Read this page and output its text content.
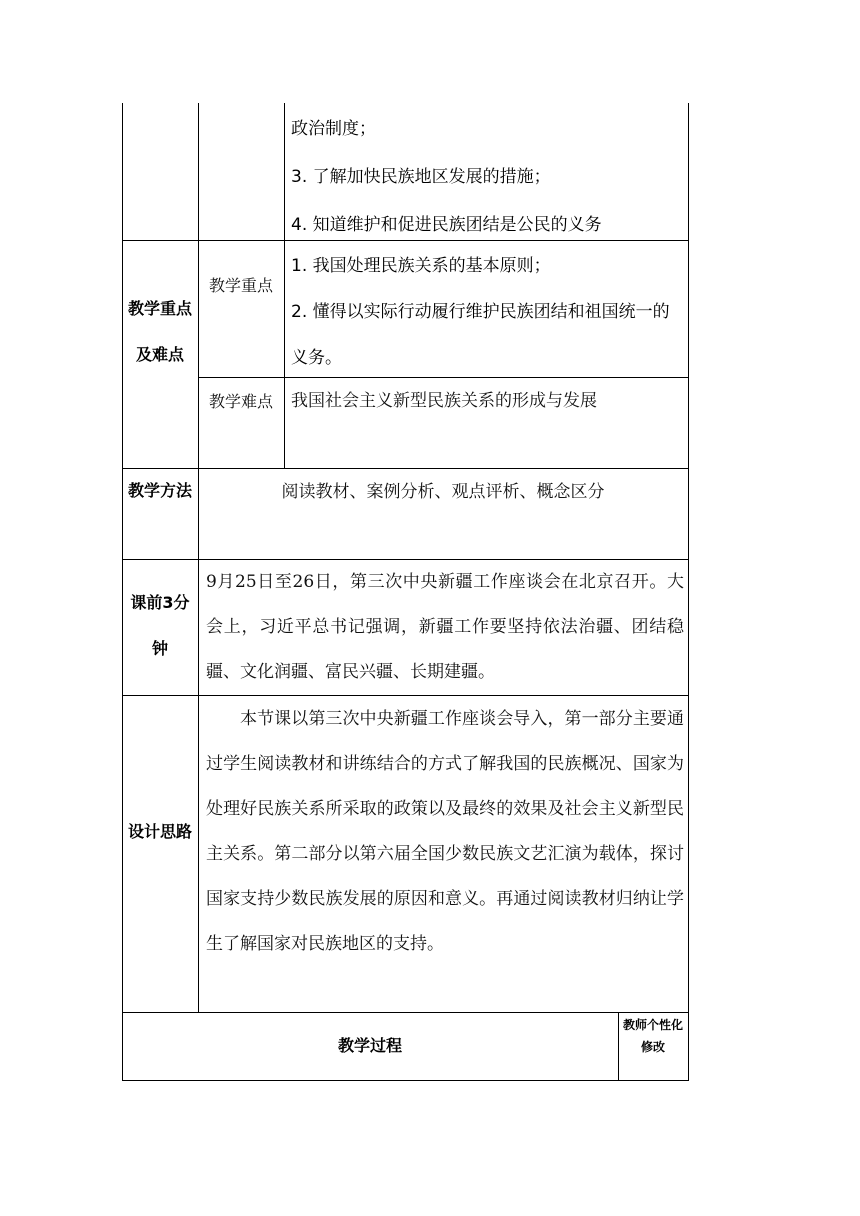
政治制度；

3. 了解加快民族地区发展的措施；

4. 知道维护和促进民族团结是公民的义务

教学重点及难点
教学重点

1. 我国处理民族关系的基本原则；

2. 懂得以实际行动履行维护民族团结和祖国统一的义务。

教学难点 我国社会主义新型民族关系的形成与发展
教学方法	阅读教材、案例分析、观点评析、概念区分
课前3分钟
9月25日至26日，第三次中央新疆工作座谈会在北京召开。大会上，习近平总书记强调，新疆工作要坚持依法治疆、团结稳疆、文化润疆、富民兴疆、长期建疆。
设计思路
本节课以第三次中央新疆工作座谈会导入，第一部分主要通过学生阅读教材和讲练结合的方式了解我国的民族概况、国家为处理好民族关系所采取的政策以及最终的效果及社会主义新型民主关系。第二部分以第六届全国少数民族文艺汇演为载体，探讨国家支持少数民族发展的原因和意义。再通过阅读教材归纳让学生了解国家对民族地区的支持。
教学过程
教师个性化修改
